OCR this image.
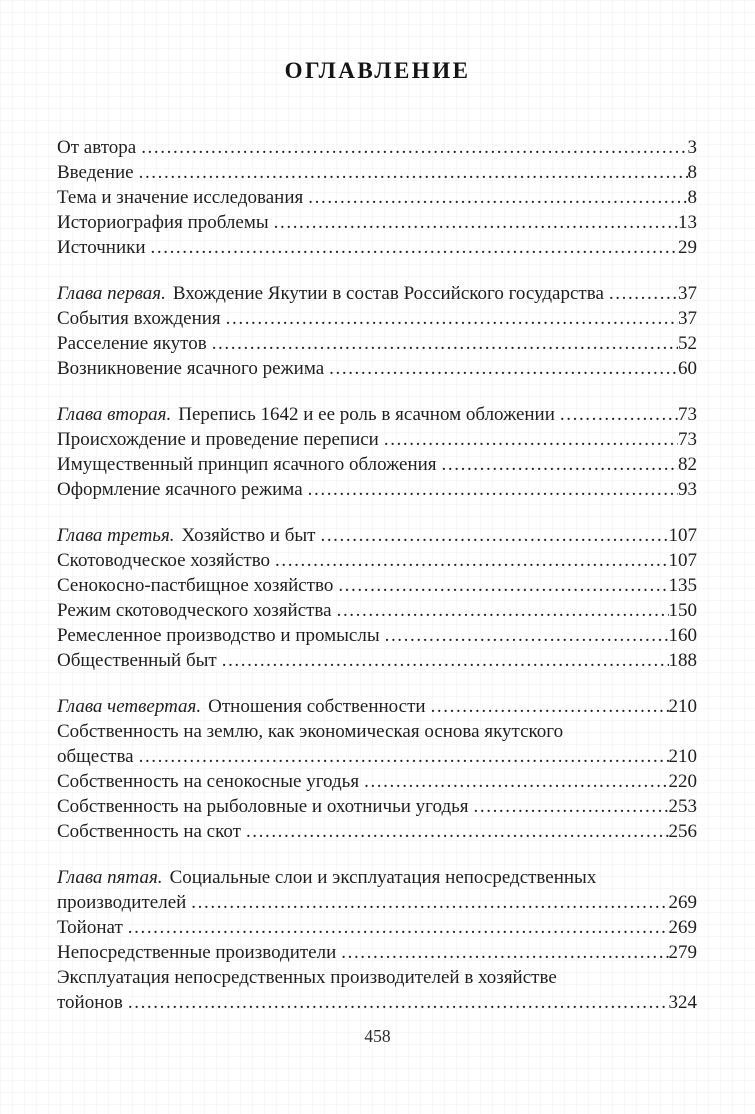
ОГЛАВЛЕНИЕ
От автора .....	3
Введение .....	8
Тема и значение исследования .....	8
Историография проблемы .....	13
Источники .....	29
Глава первая. Вхождение Якутии в состав Российского государства .....	37
События вхождения .....	37
Расселение якутов .....	52
Возникновение ясачного режима .....	60
Глава вторая. Перепись 1642 и ее роль в ясачном обложении .....	73
Происхождение и проведение переписи .....	73
Имущественный принцип ясачного обложения .....	82
Оформление ясачного режима .....	93
Глава третья. Хозяйство и быт .....	107
Скотоводческое хозяйство .....	107
Сенокосно-пастбищное хозяйство .....	135
Режим скотоводческого хозяйства .....	150
Ремесленное производство и промыслы .....	160
Общественный быт .....	188
Глава четвертая. Отношения собственности .....	210
Собственность на землю, как экономическая основа якутского
общества .....	210
Собственность на сенокосные угодья .....	220
Собственность на рыболовные и охотничьи угодья .....	253
Собственность на скот .....	256
Глава пятая. Социальные слои и эксплуатация непосредственных
производителей .....	269
Тойонат .....	269
Непосредственные производители .....	279
Эксплуатация непосредственных производителей в хозяйстве
тойонов .....	324
458
